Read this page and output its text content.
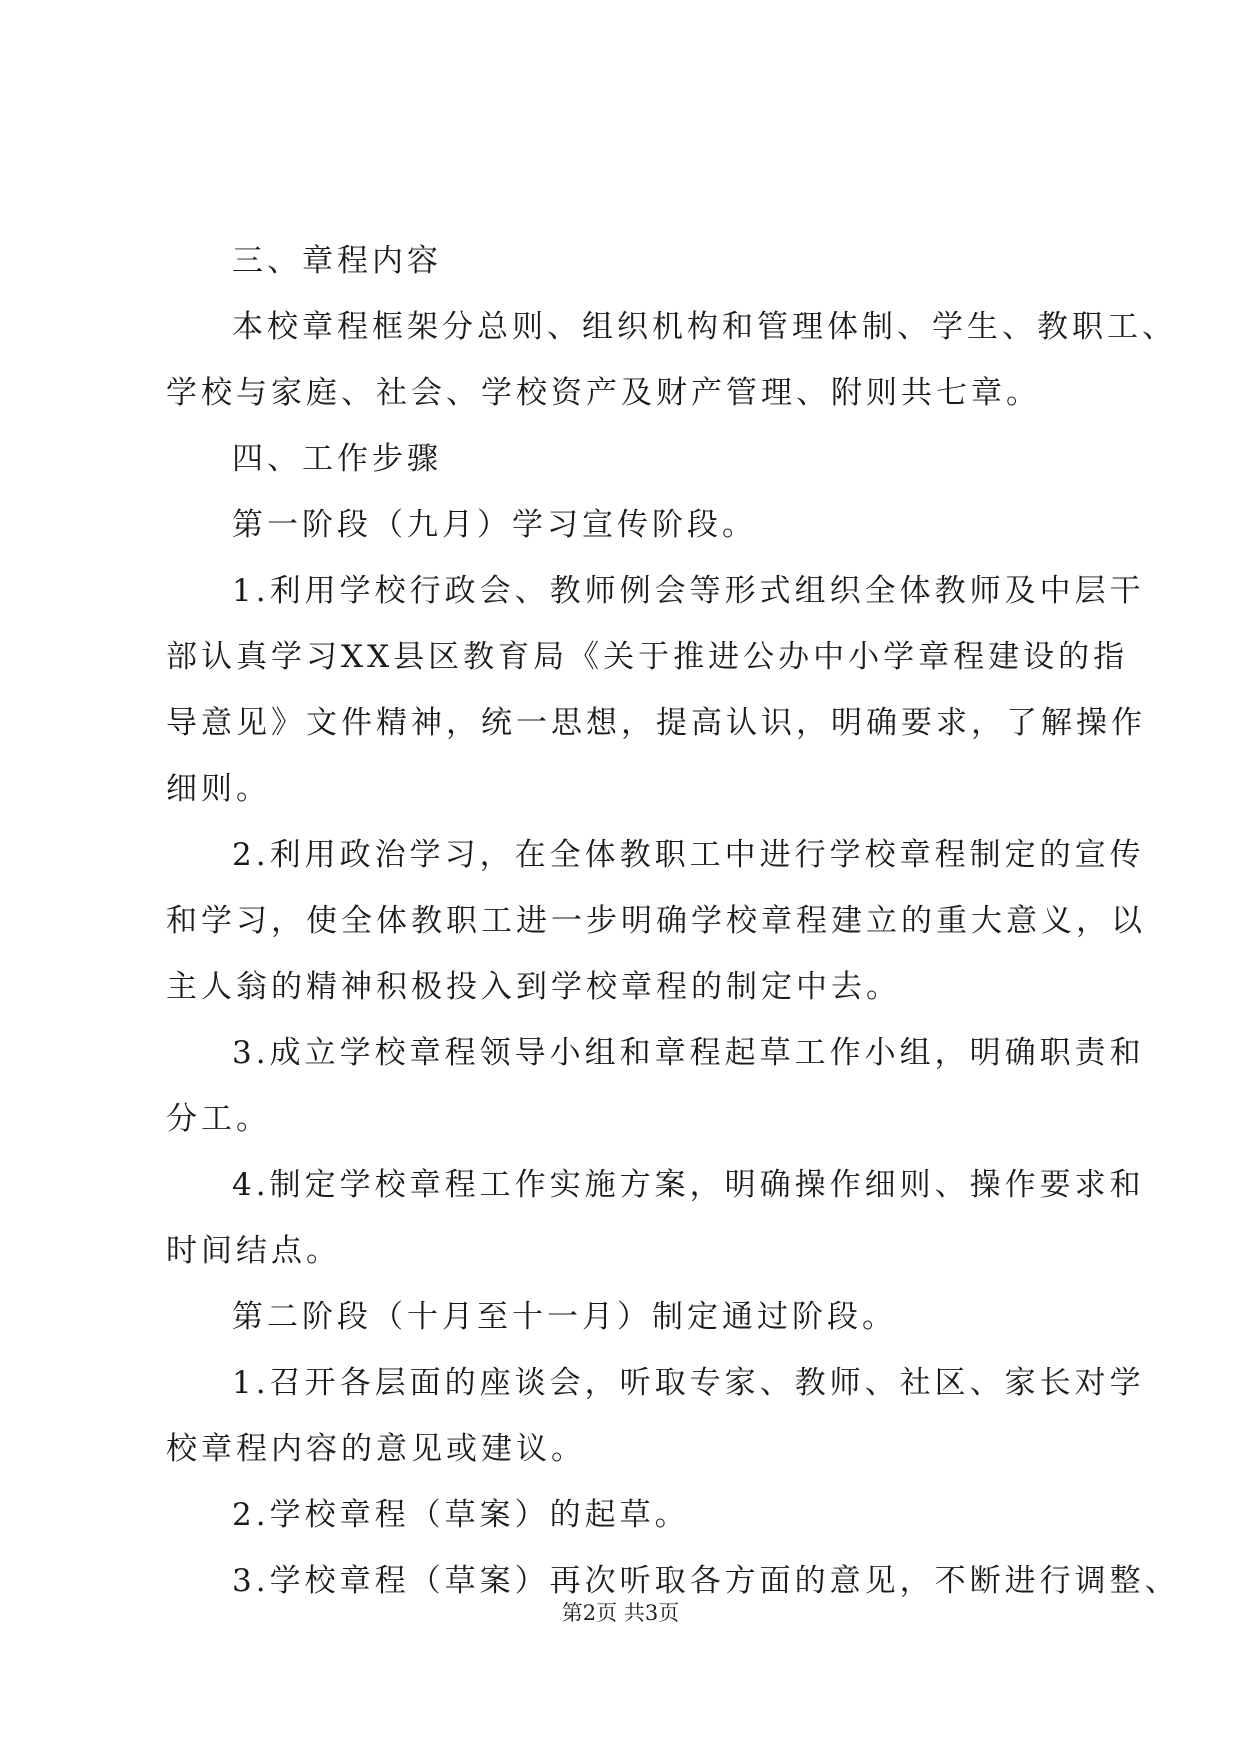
三、章程内容
本校章程框架分总则、组织机构和管理体制、学生、教职工、
学校与家庭、社会、学校资产及财产管理、附则共七章。
四、工作步骤
第一阶段（九月）学习宣传阶段。
1.利用学校行政会、教师例会等形式组织全体教师及中层干
部认真学习XX县区教育局《关于推进公办中小学章程建设的指
导意见》文件精神，统一思想，提高认识，明确要求，了解操作
细则。
2.利用政治学习，在全体教职工中进行学校章程制定的宣传
和学习，使全体教职工进一步明确学校章程建立的重大意义，以
主人翁的精神积极投入到学校章程的制定中去。
3.成立学校章程领导小组和章程起草工作小组，明确职责和
分工。
4.制定学校章程工作实施方案，明确操作细则、操作要求和
时间结点。
第二阶段（十月至十一月）制定通过阶段。
1.召开各层面的座谈会，听取专家、教师、社区、家长对学
校章程内容的意见或建议。
2.学校章程（草案）的起草。
3.学校章程（草案）再次听取各方面的意见，不断进行调整、
第2页 共3页
